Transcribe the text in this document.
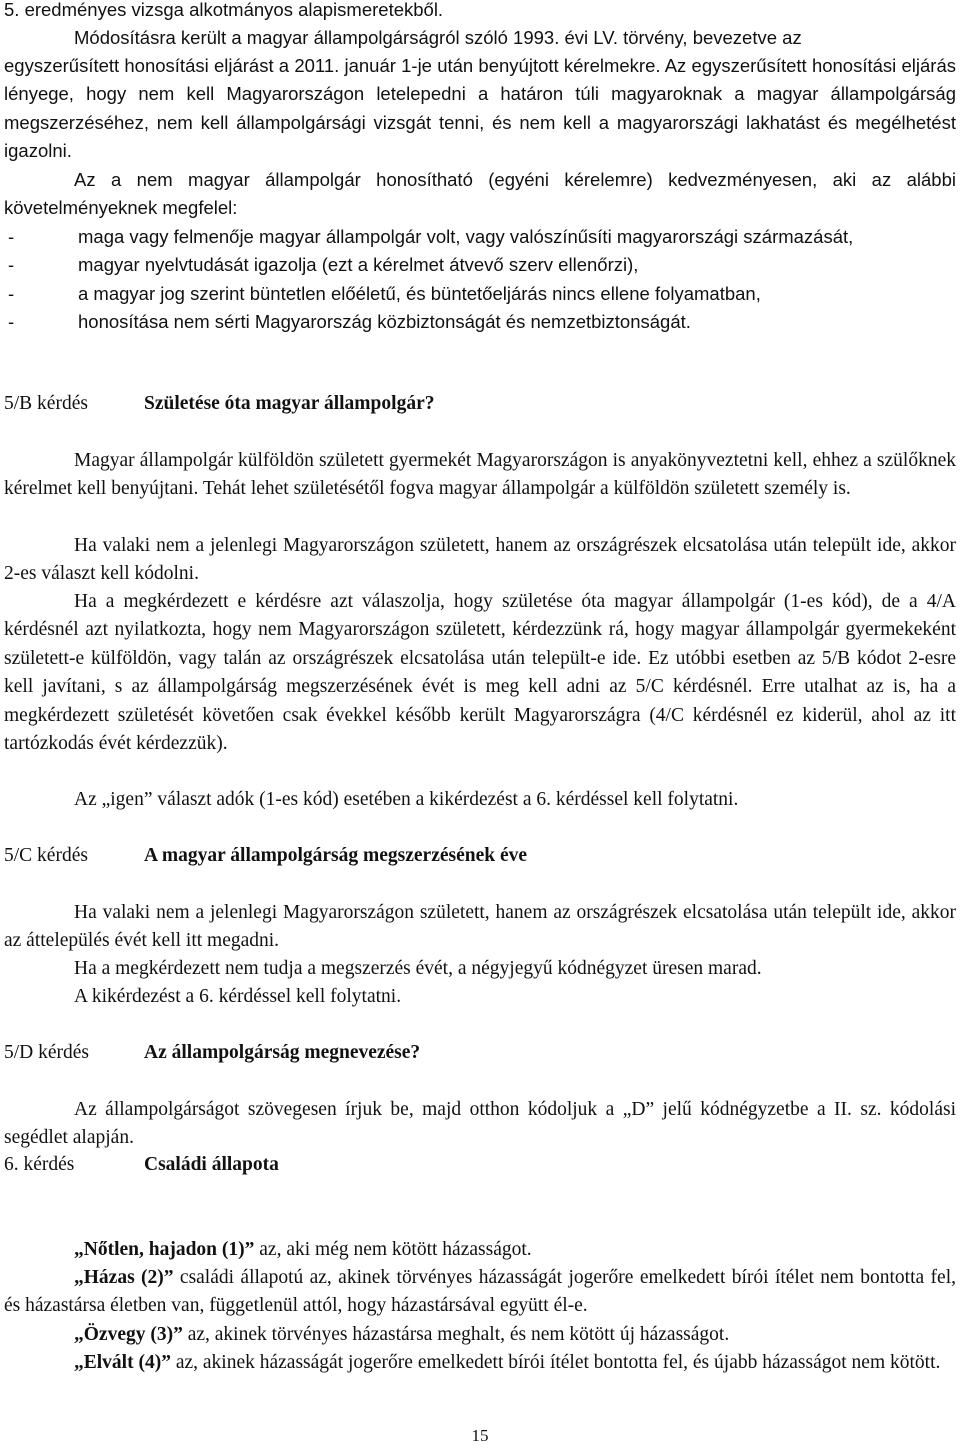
5. eredményes vizsga alkotmányos alapismeretekből.
Módosításra került a magyar állampolgárságról szóló 1993. évi LV. törvény, bevezetve az
egyszerűsített honosítási eljárást a 2011. január 1-je után benyújtott kérelmekre. Az egyszerűsített honosítási eljárás lényege, hogy nem kell Magyarországon letelepedni a határon túli magyaroknak a magyar állampolgárság megszerzéséhez, nem kell állampolgársági vizsgát tenni, és nem kell a magyarországi lakhatást és megélhetést igazolni.
Az a nem magyar állampolgár honosítható (egyéni kérelemre) kedvezményesen, aki az alábbi követelményeknek megfelel:
-	maga vagy felmenője magyar állampolgár volt, vagy valószínűsíti magyarországi származását,
-	magyar nyelvtudását igazolja (ezt a kérelmet átvevő szerv ellenőrzi),
-	a magyar jog szerint büntetlen előéletű, és büntetőeljárás nincs ellene folyamatban,
-	honosítása nem sérti Magyarország közbiztonságát és nemzetbiztonságát.
5/B kérdés	Születése óta magyar állampolgár?
Magyar állampolgár külföldön született gyermekét Magyarországon is anyakönyveztetni kell, ehhez a szülőknek kérelmet kell benyújtani. Tehát lehet születésétől fogva magyar állampolgár a külföldön született személy is.
Ha valaki nem a jelenlegi Magyarországon született, hanem az országrészek elcsatolása után települt ide, akkor 2-es választ kell kódolni.
Ha a megkérdezett e kérdésre azt válaszolja, hogy születése óta magyar állampolgár (1-es kód), de a 4/A kérdésnél azt nyilatkozta, hogy nem Magyarországon született, kérdezzünk rá, hogy magyar állampolgár gyermekeként született-e külföldön, vagy talán az országrészek elcsatolása után települt-e ide. Ez utóbbi esetben az 5/B kódot 2-esre kell javítani, s az állampolgárság megszerzésének évét is meg kell adni az 5/C kérdésnél. Erre utalhat az is, ha a megkérdezett születését követően csak évekkel később került Magyarországra (4/C kérdésnél ez kiderül, ahol az itt tartózkodás évét kérdezzük).
Az „igen” választ adók (1-es kód) esetében a kikérdezést a 6. kérdéssel kell folytatni.
5/C kérdés	A magyar állampolgárság megszerzésének éve
Ha valaki nem a jelenlegi Magyarországon született, hanem az országrészek elcsatolása után települt ide, akkor az áttelepülés évét kell itt megadni.
Ha a megkérdezett nem tudja a megszerzés évét, a négyjegyű kódnégyzet üresen marad.
A kikérdezést a 6. kérdéssel kell folytatni.
5/D kérdés	Az állampolgárság megnevezése?
Az állampolgárságot szövegesen írjuk be, majd otthon kódoljuk a „D” jelű kódnégyzetbe a II. sz. kódolási segédlet alapján.
6. kérdés	Családi állapota
„Nőtlen, hajadon (1)” az, aki még nem kötött házasságot.
„Házas (2)” családi állapotú az, akinek törvényes házasságát jogerőre emelkedett bírói ítélet nem bontotta fel, és házastársa életben van, függetlenül attól, hogy házastársával együtt él-e.
„Özvegy (3)” az, akinek törvényes házastársa meghalt, és nem kötött új házasságot.
„Elvált (4)” az, akinek házasságát jogerőre emelkedett bírói ítélet bontotta fel, és újabb házasságot nem kötött.
15
